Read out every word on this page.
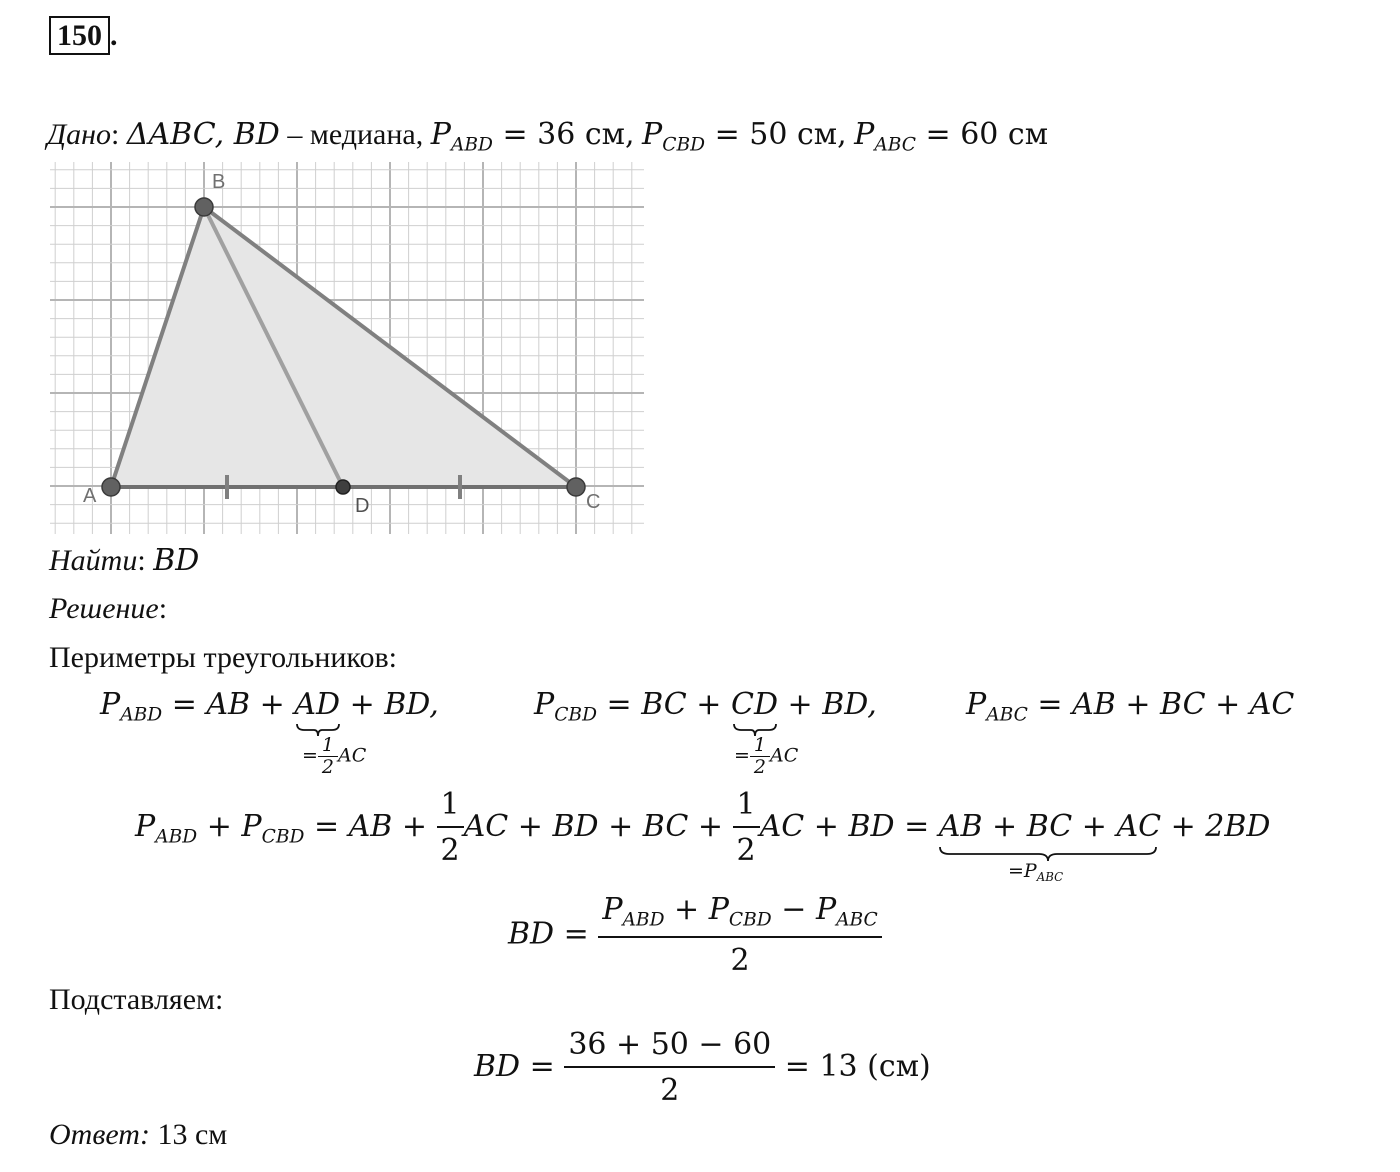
150 .
Дано: ΔABC, BD – медиана, $P_{ABD} = 36$ см, $P_{CBD} = 50$ см, $P_{ABC} = 60$ см
A
B
C
D
Найти: BD
Решение:
Периметры треугольников:
$P_{ABD}$ = AB + AD
+ BD,
= $\frac{1}{2}$ AC
$P_{CBD}$ = BC + CD
+ BD,
= $\frac{1}{2}$ AC
$P_{ABC}$ = AB + BC + AC
$P_{ABD} + P_{CBD}$ = AB + $\frac{1}{2}$ AC + BD + BC + $\frac{1}{2}$ AC + BD = AB + BC + AC
+ 2BD
$=P_{ABC}$
BD = $\frac{P_{ABD} + P_{CBD} - P_{ABC}}{2}$
Подставляем:
BD = $\frac{36 + 50 - 60}{2} = 13$ (см)
Ответ: 13 см
